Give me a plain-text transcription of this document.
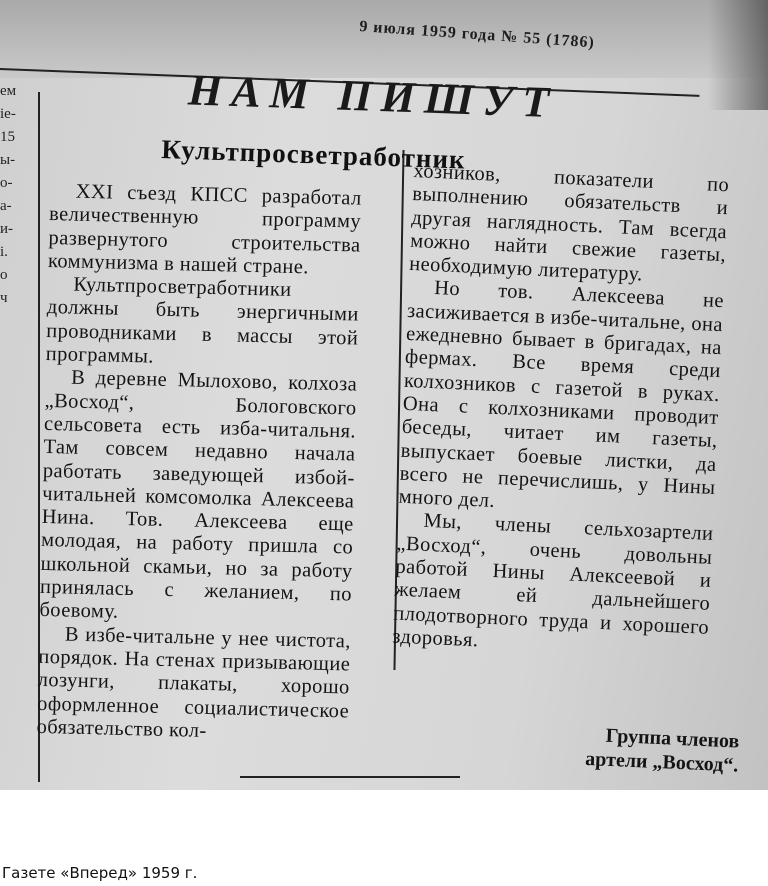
9 июля 1959 года № 55 (1786)
ем
іе-
15
ы-
о-
а-
и-
і.
о
ч
НАМ ПИШУТ
Культпросветработник

XXI съезд КПСС разработал величественную программу развернутого строительства коммунизма в нашей стране.

Культпросветработники должны быть энергичными проводниками в массы этой программы.

В деревне Мылохово, колхоза „Восход“, Бологовского сельсовета есть изба-читальня. Там совсем недавно начала работать заведующей избой-читальней комсомолка Алексеева Нина. Тов. Алексеева еще молодая, на работу пришла со школьной скамьи, но за работу принялась с желанием, по боевому.

В избе-читальне у нее чистота, порядок. На стенах призывающие лозунги, плакаты, хорошо оформленное социалистическое обязательство кол-

хозников, показатели по выполнению обязательств и другая наглядность. Там всегда можно найти свежие газеты, необходимую литературу.

Но тов. Алексеева не засиживается в избе-читальне, она ежедневно бывает в бригадах, на фермах. Все время среди колхозников с газетой в руках. Она с колхозниками проводит беседы, читает им газеты, выпускает боевые листки, да всего не перечислишь, у Нины много дел.

Мы, члены сельхозартели „Восход“, очень довольны работой Нины Алексеевой и желаем ей дальнейшего плодотворного труда и хорошего здоровья.

Группа членов
артели „Восход“.
Газете «Вперед» 1959 г.
